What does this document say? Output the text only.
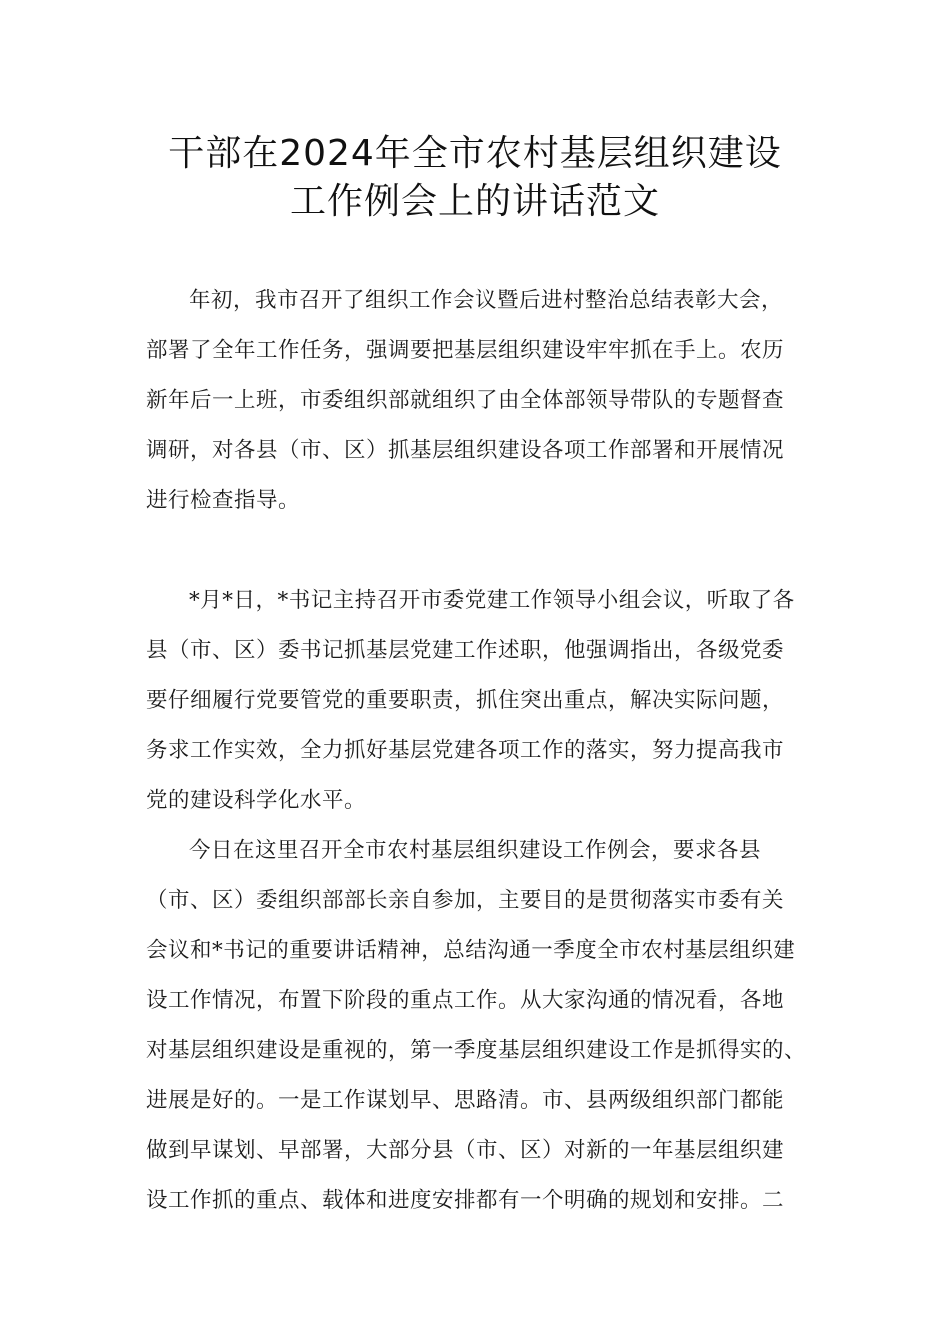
干部在2024年全市农村基层组织建设
工作例会上的讲话范文
年初，我市召开了组织工作会议暨后进村整治总结表彰大会，
部署了全年工作任务，强调要把基层组织建设牢牢抓在手上。农历
新年后一上班，市委组织部就组织了由全体部领导带队的专题督查
调研，对各县（市、区）抓基层组织建设各项工作部署和开展情况
进行检查指导。
*月*日，*书记主持召开市委党建工作领导小组会议，听取了各
县（市、区）委书记抓基层党建工作述职，他强调指出，各级党委
要仔细履行党要管党的重要职责，抓住突出重点，解决实际问题，
务求工作实效，全力抓好基层党建各项工作的落实，努力提高我市
党的建设科学化水平。
今日在这里召开全市农村基层组织建设工作例会，要求各县
（市、区）委组织部部长亲自参加，主要目的是贯彻落实市委有关
会议和*书记的重要讲话精神，总结沟通一季度全市农村基层组织建
设工作情况，布置下阶段的重点工作。从大家沟通的情况看，各地
对基层组织建设是重视的，第一季度基层组织建设工作是抓得实的、
进展是好的。一是工作谋划早、思路清。市、县两级组织部门都能
做到早谋划、早部署，大部分县（市、区）对新的一年基层组织建
设工作抓的重点、载体和进度安排都有一个明确的规划和安排。二
